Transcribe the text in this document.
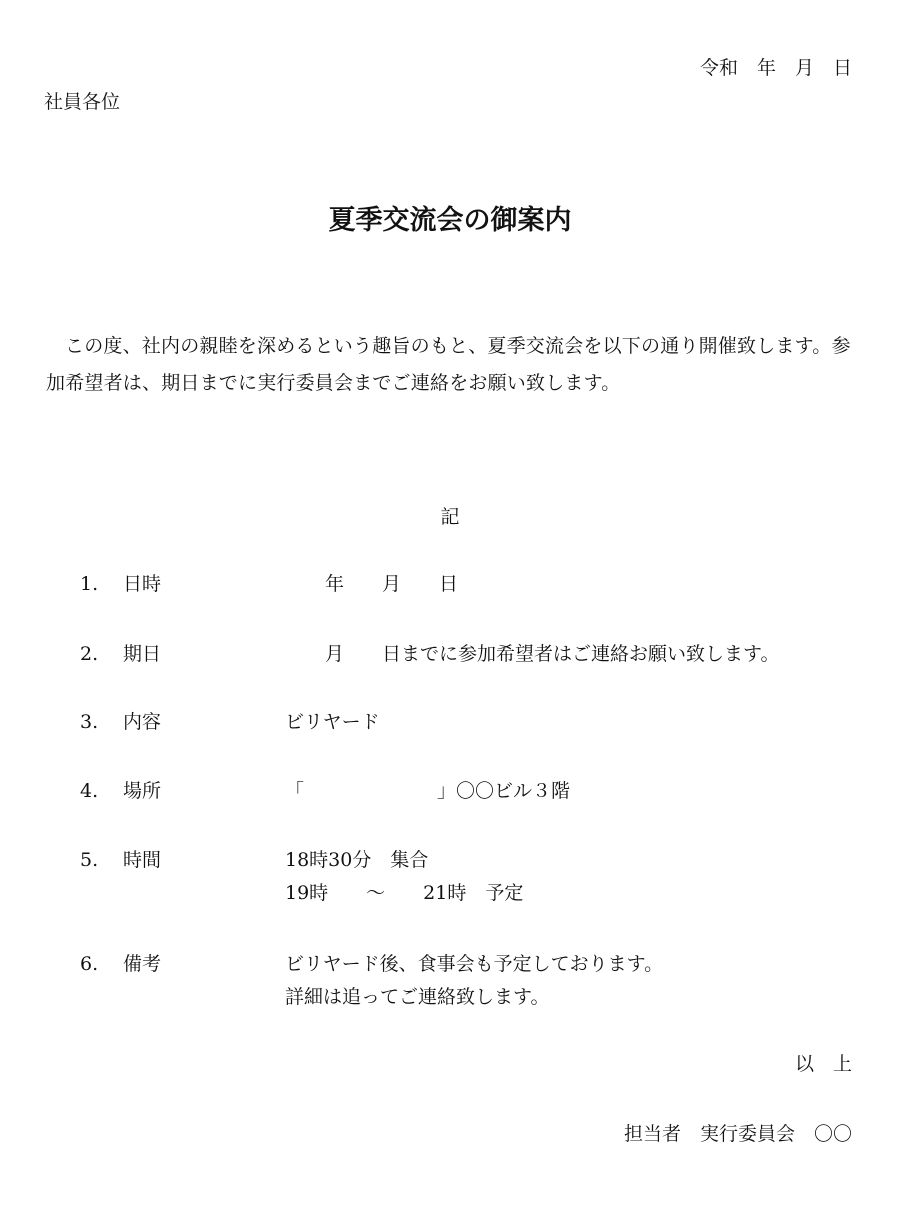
令和　年　月　日
社員各位
夏季交流会の御案内
この度、社内の親睦を深めるという趣旨のもと、夏季交流会を以下の通り開催致します。参加希望者は、期日までに実行委員会までご連絡をお願い致します。
記
1. 日時	年　　月　　日
2. 期日	月　　日までに参加希望者はご連絡お願い致します。
3. 内容	ビリヤード
4. 場所	「　　　　　　　」〇〇ビル３階
5. 時間	18時30分　集合
19時　　～　　21時　予定
6. 備考	ビリヤード後、食事会も予定しております。
詳細は追ってご連絡致します。
以　上
担当者　実行委員会　〇〇
